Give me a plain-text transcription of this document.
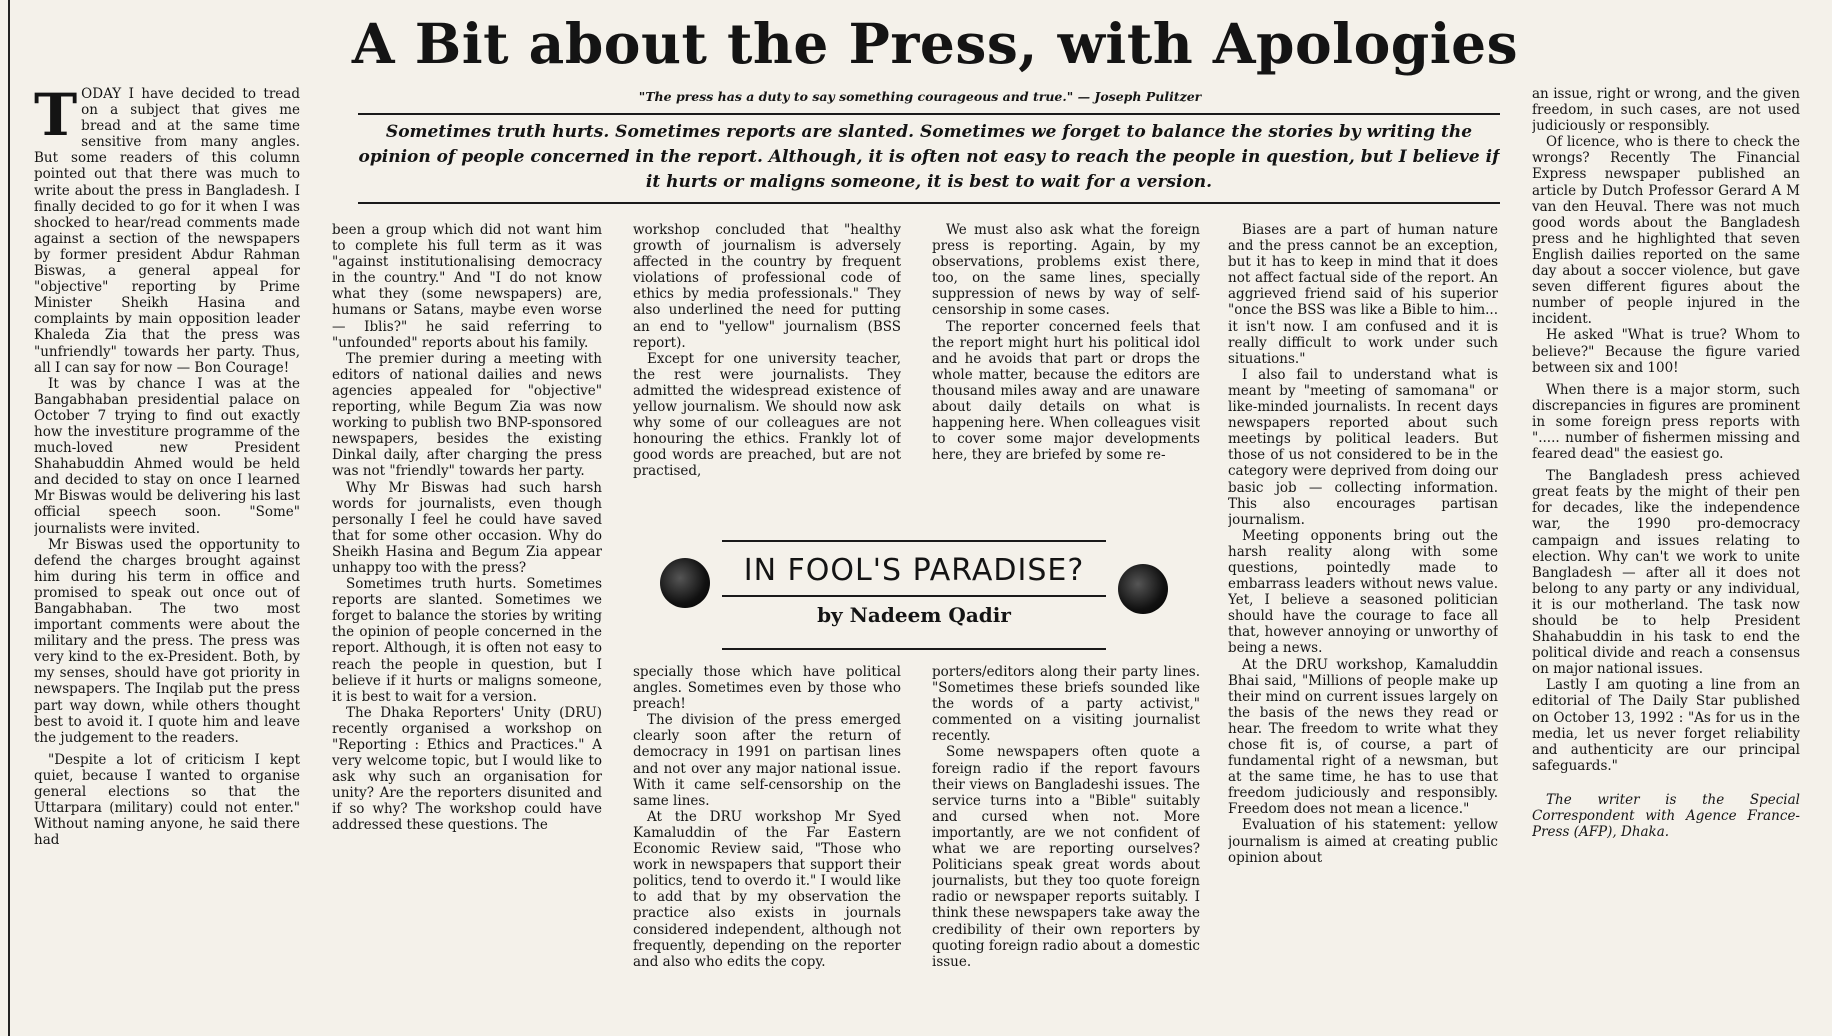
A Bit about the Press, with Apologies
"The press has a duty to say something courageous and true." — Joseph Pulitzer
Sometimes truth hurts. Sometimes reports are slanted. Sometimes we forget to balance the stories by writing the opinion of people concerned in the report. Although, it is often not easy to reach the people in question, but I believe if it hurts or maligns someone, it is best to wait for a version.

TODAY I have decided to tread on a subject that gives me bread and at the same time sensitive from many angles. But some readers of this column pointed out that there was much to write about the press in Bangladesh. I finally decided to go for it when I was shocked to hear/read comments made against a section of the newspapers by former president Abdur Rahman Biswas, a general appeal for "objective" reporting by Prime Minister Sheikh Hasina and complaints by main opposition leader Khaleda Zia that the press was "unfriendly" towards her party. Thus, all I can say for now — Bon Courage!

It was by chance I was at the Bangabhaban presidential palace on October 7 trying to find out exactly how the investiture programme of the much-loved new President Shahabuddin Ahmed would be held and decided to stay on once I learned Mr Biswas would be delivering his last official speech soon. "Some" journalists were invited.

Mr Biswas used the opportunity to defend the charges brought against him during his term in office and promised to speak out once out of Bangabhaban. The two most important comments were about the military and the press. The press was very kind to the ex-President. Both, by my senses, should have got priority in newspapers. The Inqilab put the press part way down, while others thought best to avoid it. I quote him and leave the judgement to the readers.

"Despite a lot of criticism I kept quiet, because I wanted to organise general elections so that the Uttarpara (military) could not enter." Without naming anyone, he said there had

been a group which did not want him to complete his full term as it was "against institutionalising democracy in the country." And "I do not know what they (some newspapers) are, humans or Satans, maybe even worse — Iblis?" he said referring to "unfounded" reports about his family.

The premier during a meeting with editors of national dailies and news agencies appealed for "objective" reporting, while Begum Zia was now working to publish two BNP-sponsored newspapers, besides the existing Dinkal daily, after charging the press was not "friendly" towards her party.

Why Mr Biswas had such harsh words for journalists, even though personally I feel he could have saved that for some other occasion. Why do Sheikh Hasina and Begum Zia appear unhappy too with the press?

Sometimes truth hurts. Sometimes reports are slanted. Sometimes we forget to balance the stories by writing the opinion of people concerned in the report. Although, it is often not easy to reach the people in question, but I believe if it hurts or maligns someone, it is best to wait for a version.

The Dhaka Reporters' Unity (DRU) recently organised a workshop on "Reporting : Ethics and Practices." A very welcome topic, but I would like to ask why such an organisation for unity? Are the reporters disunited and if so why? The workshop could have addressed these questions. The

workshop concluded that "healthy growth of journalism is adversely affected in the country by frequent violations of professional code of ethics by media professionals." They also underlined the need for putting an end to "yellow" journalism (BSS report).

Except for one university teacher, the rest were journalists. They admitted the widespread existence of yellow journalism. We should now ask why some of our colleagues are not honouring the ethics. Frankly lot of good words are preached, but are not practised,

We must also ask what the foreign press is reporting. Again, by my observations, problems exist there, too, on the same lines, specially suppression of news by way of self-censorship in some cases.

The reporter concerned feels that the report might hurt his political idol and he avoids that part or drops the whole matter, because the editors are thousand miles away and are unaware about daily details on what is happening here. When colleagues visit to cover some major developments here, they are briefed by some re-

IN FOOL'S PARADISE?
by Nadeem Qadir

specially those which have political angles. Sometimes even by those who preach!

The division of the press emerged clearly soon after the return of democracy in 1991 on partisan lines and not over any major national issue. With it came self-censorship on the same lines.

At the DRU workshop Mr Syed Kamaluddin of the Far Eastern Economic Review said, "Those who work in newspapers that support their politics, tend to overdo it." I would like to add that by my observation the practice also exists in journals considered independent, although not frequently, depending on the reporter and also who edits the copy.

porters/editors along their party lines. "Sometimes these briefs sounded like the words of a party activist," commented on a visiting journalist recently.

Some newspapers often quote a foreign radio if the report favours their views on Bangladeshi issues. The service turns into a "Bible" suitably and cursed when not. More importantly, are we not confident of what we are reporting ourselves? Politicians speak great words about journalists, but they too quote foreign radio or newspaper reports suitably. I think these newspapers take away the credibility of their own reporters by quoting foreign radio about a domestic issue.

Biases are a part of human nature and the press cannot be an exception, but it has to keep in mind that it does not affect factual side of the report. An aggrieved friend said of his superior "once the BSS was like a Bible to him... it isn't now. I am confused and it is really difficult to work under such situations."

I also fail to understand what is meant by "meeting of samomana" or like-minded journalists. In recent days newspapers reported about such meetings by political leaders. But those of us not considered to be in the category were deprived from doing our basic job — collecting information. This also encourages partisan journalism.

Meeting opponents bring out the harsh reality along with some questions, pointedly made to embarrass leaders without news value. Yet, I believe a seasoned politician should have the courage to face all that, however annoying or unworthy of being a news.

At the DRU workshop, Kamaluddin Bhai said, "Millions of people make up their mind on current issues largely on the basis of the news they read or hear. The freedom to write what they chose fit is, of course, a part of fundamental right of a newsman, but at the same time, he has to use that freedom judiciously and responsibly. Freedom does not mean a licence."

Evaluation of his statement: yellow journalism is aimed at creating public opinion about

an issue, right or wrong, and the given freedom, in such cases, are not used judiciously or responsibly.

Of licence, who is there to check the wrongs? Recently The Financial Express newspaper published an article by Dutch Professor Gerard A M van den Heuval. There was not much good words about the Bangladesh press and he highlighted that seven English dailies reported on the same day about a soccer violence, but gave seven different figures about the number of people injured in the incident.

He asked "What is true? Whom to believe?" Because the figure varied between six and 100!

When there is a major storm, such discrepancies in figures are prominent in some foreign press reports with "..... number of fishermen missing and feared dead" the easiest go.

The Bangladesh press achieved great feats by the might of their pen for decades, like the independence war, the 1990 pro-democracy campaign and issues relating to election. Why can't we work to unite Bangladesh — after all it does not belong to any party or any individual, it is our motherland. The task now should be to help President Shahabuddin in his task to end the political divide and reach a consensus on major national issues.

Lastly I am quoting a line from an editorial of The Daily Star published on October 13, 1992 : "As for us in the media, let us never forget reliability and authenticity are our principal safeguards."

The writer is the Special Correspondent with Agence France-Press (AFP), Dhaka.
